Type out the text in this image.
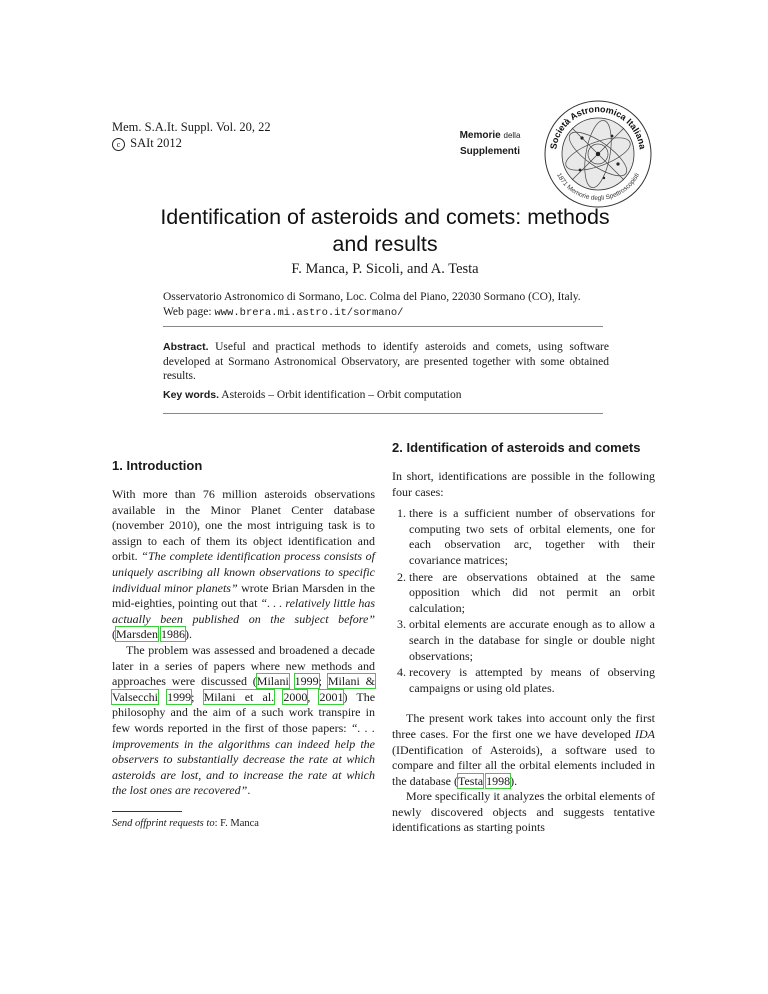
Mem. S.A.It. Suppl. Vol. 20, 22
c SAIt 2012
Memorie della
Supplementi	Società Astronomica Italiana
1871 Memorie degli Spettroscopisti
Identification of asteroids and comets: methods
and results
F. Manca, P. Sicoli, and A. Testa
Osservatorio Astronomico di Sormano, Loc. Colma del Piano, 22030 Sormano (CO), Italy.
Web page: www.brera.mi.astro.it/sormano/
Abstract. Useful and practical methods to identify asteroids and comets, using software developed at Sormano Astronomical Observatory, are presented together with some obtained results.
Key words. Asteroids – Orbit identification – Orbit computation
1. Introduction

With more than 76 million asteroids observations available in the Minor Planet Center database (november 2010), one the most intriguing task is to assign to each of them its object identification and orbit. “The complete identification process consists of uniquely ascribing all known observations to specific individual minor planets” wrote Brian Marsden in the mid-eighties, pointing out that “. . . relatively little has actually been published on the subject before” (Marsden 1986).

The problem was assessed and broadened a decade later in a series of papers where new methods and approaches were discussed (Milani 1999; Milani & Valsecchi 1999; Milani et al. 2000, 2001) The philosophy and the aim of a such work transpire in few words reported in the first of those papers: “. . . improvements in the algorithms can indeed help the observers to substantially decrease the rate at which asteroids are lost, and to increase the rate at which the lost ones are recovered”.

Send offprint requests to: F. Manca
2. Identification of asteroids and comets

In short, identifications are possible in the following four cases:

1. there is a sufficient number of observations for computing two sets of orbital elements, one for each observation arc, together with their covariance matrices;
2. there are observations obtained at the same opposition which did not permit an orbit calculation;
3. orbital elements are accurate enough as to allow a search in the database for single or double night observations;
4. recovery is attempted by means of observing campaigns or using old plates.

The present work takes into account only the first three cases. For the first one we have developed IDA (IDentification of Asteroids), a software used to compare and filter all the orbital elements included in the database (Testa 1998).

More specifically it analyzes the orbital elements of newly discovered objects and suggests tentative identifications as starting points
